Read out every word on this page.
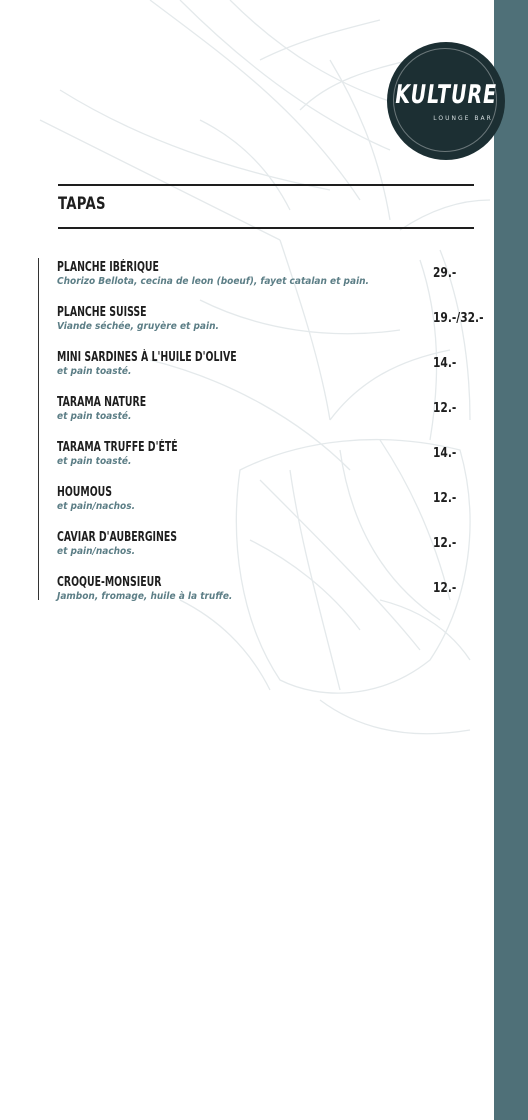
KULTURE
LOUNGE BAR
TAPAS
PLANCHE IBÉRIQUE
Chorizo Bellota, cecina de leon (boeuf), fayet catalan et pain.
29.-
PLANCHE SUISSE
Viande séchée, gruyère et pain.
19.-/32.-
MINI SARDINES À L'HUILE D'OLIVE
et pain toasté.
14.-
TARAMA NATURE
et pain toasté.
12.-
TARAMA TRUFFE D'ÉTÉ
et pain toasté.
14.-
HOUMOUS
et pain/nachos.
12.-
CAVIAR D'AUBERGINES
et pain/nachos.
12.-
CROQUE-MONSIEUR
Jambon, fromage, huile à la truffe.
12.-
